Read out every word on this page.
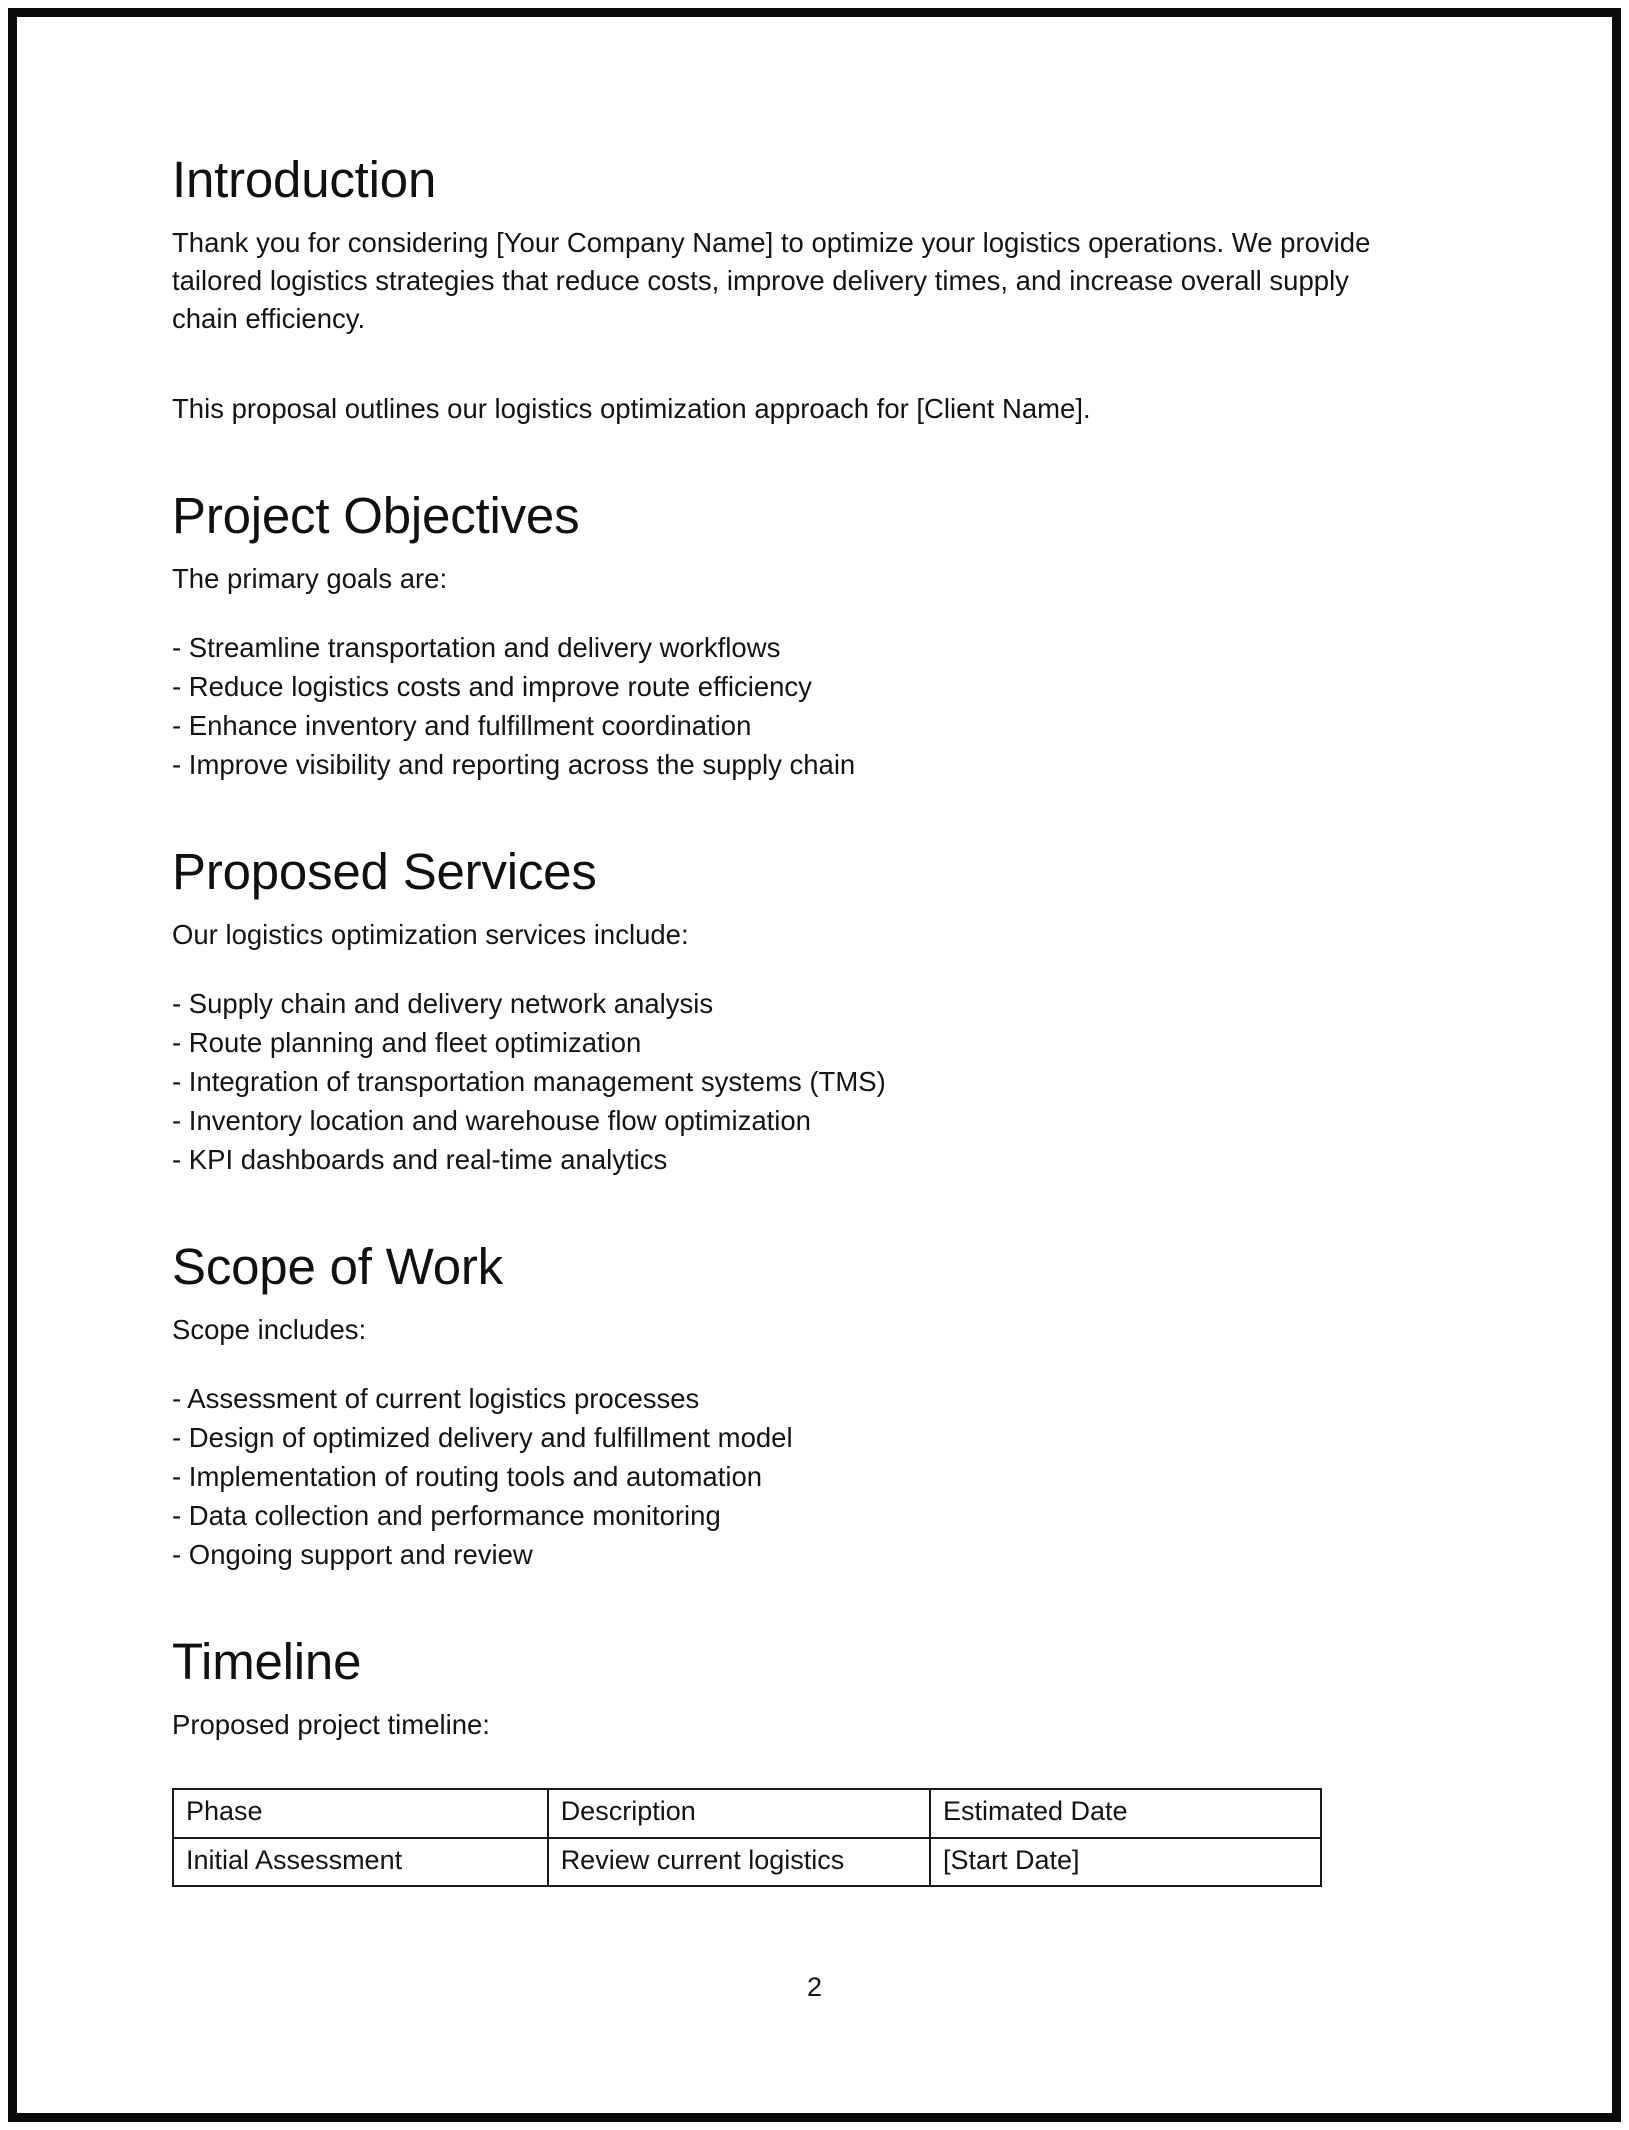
Introduction

Thank you for considering [Your Company Name] to optimize your logistics operations. We provide tailored logistics strategies that reduce costs, improve delivery times, and increase overall supply chain efficiency.

This proposal outlines our logistics optimization approach for [Client Name].

Project Objectives

The primary goals are:

- Streamline transportation and delivery workflows
- Reduce logistics costs and improve route efficiency
- Enhance inventory and fulfillment coordination
- Improve visibility and reporting across the supply chain
Proposed Services

Our logistics optimization services include:

- Supply chain and delivery network analysis
- Route planning and fleet optimization
- Integration of transportation management systems (TMS)
- Inventory location and warehouse flow optimization
- KPI dashboards and real-time analytics
Scope of Work

Scope includes:

- Assessment of current logistics processes
- Design of optimized delivery and fulfillment model
- Implementation of routing tools and automation
- Data collection and performance monitoring
- Ongoing support and review
Timeline

Proposed project timeline:

Phase	Description	Estimated Date
Initial Assessment	Review current logistics	[Start Date]
2
